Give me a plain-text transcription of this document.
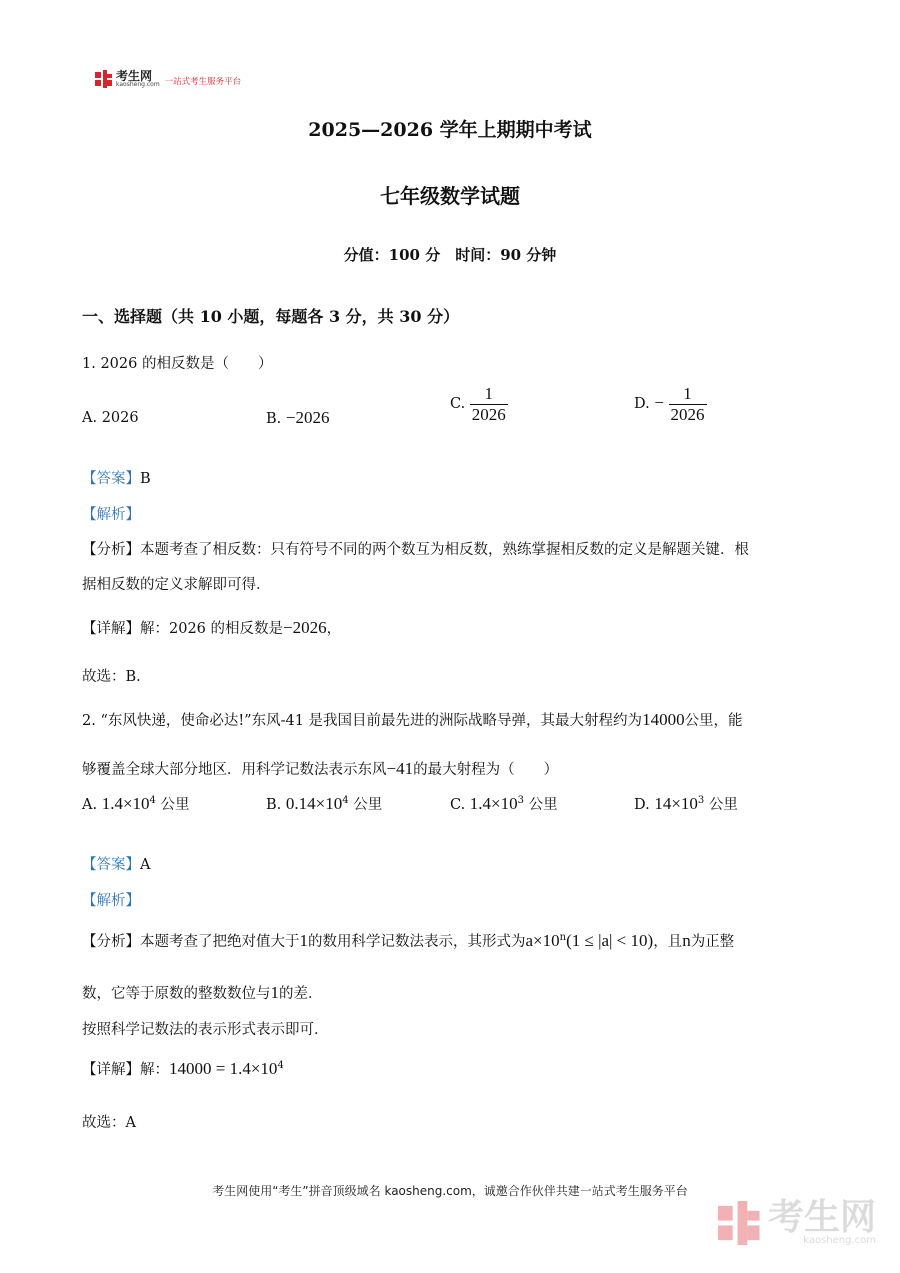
考生网
kaosheng.com 一站式考生服务平台
2025—2026 学年上期期中考试
七年级数学试题
分值：100 分　时间：90 分钟
一、选择题（共 10 小题，每题各 3 分，共 30 分）
1. 2026 的相反数是（　　）
A. 2026	B. −2026
C. $\frac{1}{2026}$	D. − $\frac{1}{2026}$
【答案】B
【解析】
【分析】本题考查了相反数：只有符号不同的两个数互为相反数，熟练掌握相反数的定义是解题关键．根
据相反数的定义求解即可得．
【详解】解：2026 的相反数是−2026，
故选：B．
2. “东风快递，使命必达!”东风-41 是我国目前最先进的洲际战略导弹，其最大射程约为14000公里，能
够覆盖全球大部分地区．用科学记数法表示东风−41的最大射程为（　　）
A. $1.4\times 10^4$ 公里	B. $0.14\times 10^4$ 公里	C. $1.4\times 10^3$ 公里	D. $14\times 10^3$ 公里
【答案】A
【解析】
【分析】本题考查了把绝对值大于1的数用科学记数法表示，其形式为$a\times 10^n(1 \le |a| < 10)$，且n为正整
数，它等于原数的整数数位与1的差．
按照科学记数法的表示形式表示即可．
【详解】解：$14000 = 1.4\times 10^4$
故选：A
考生网使用“考生”拼音顶级域名 kaosheng.com，诚邀合作伙伴共建一站式考生服务平台
考生网
kaosheng.com
